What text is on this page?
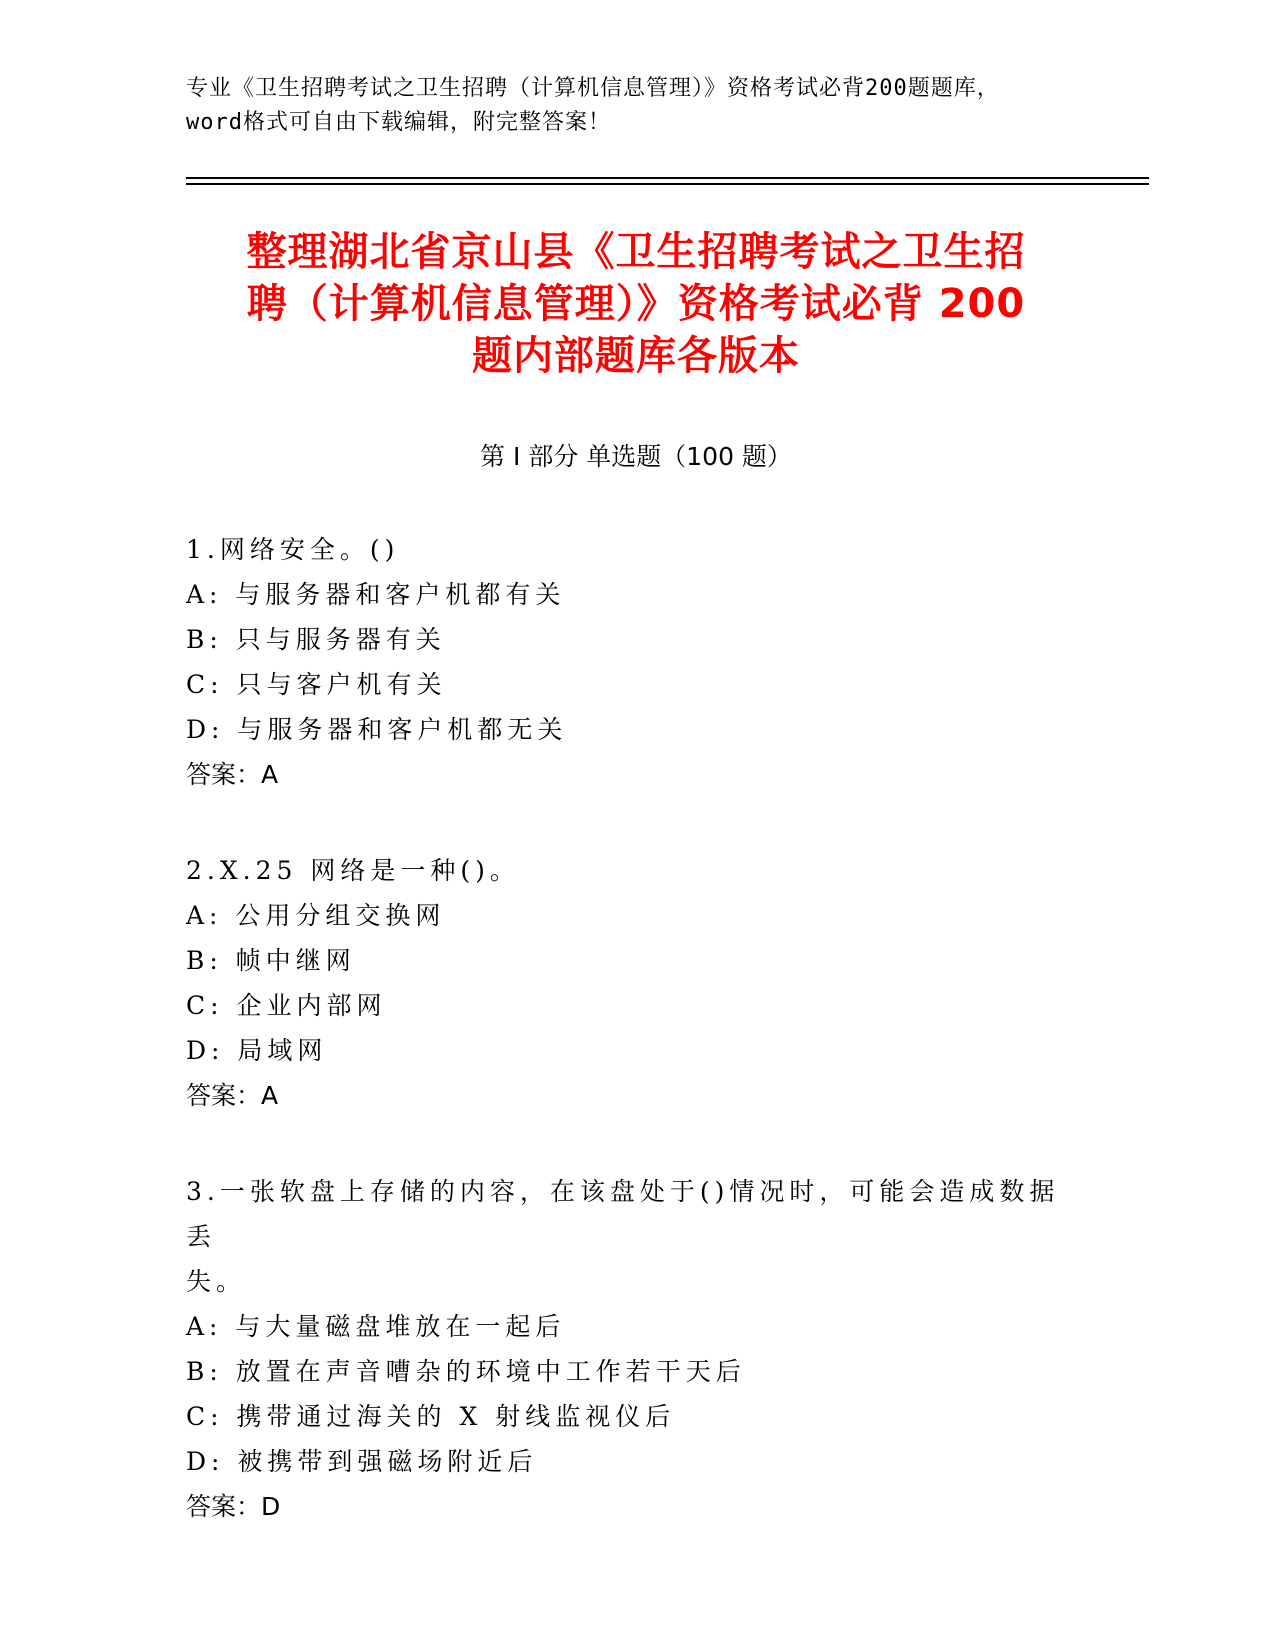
专业《卫生招聘考试之卫生招聘（计算机信息管理）》资格考试必背200题题库，
word格式可自由下载编辑，附完整答案！
整理湖北省京山县《卫生招聘考试之卫生招
聘（计算机信息管理）》资格考试必背 200
题内部题库各版本
第 I 部分 单选题（100 题）
1.网络安全。()
A: 与服务器和客户机都有关
B: 只与服务器有关
C: 只与客户机有关
D: 与服务器和客户机都无关
答案：A
2.X.25 网络是一种()。
A: 公用分组交换网
B: 帧中继网
C: 企业内部网
D: 局域网
答案：A
3.一张软盘上存储的内容，在该盘处于()情况时，可能会造成数据丢
失。
A: 与大量磁盘堆放在一起后
B: 放置在声音嘈杂的环境中工作若干天后
C: 携带通过海关的 X 射线监视仪后
D: 被携带到强磁场附近后
答案：D
